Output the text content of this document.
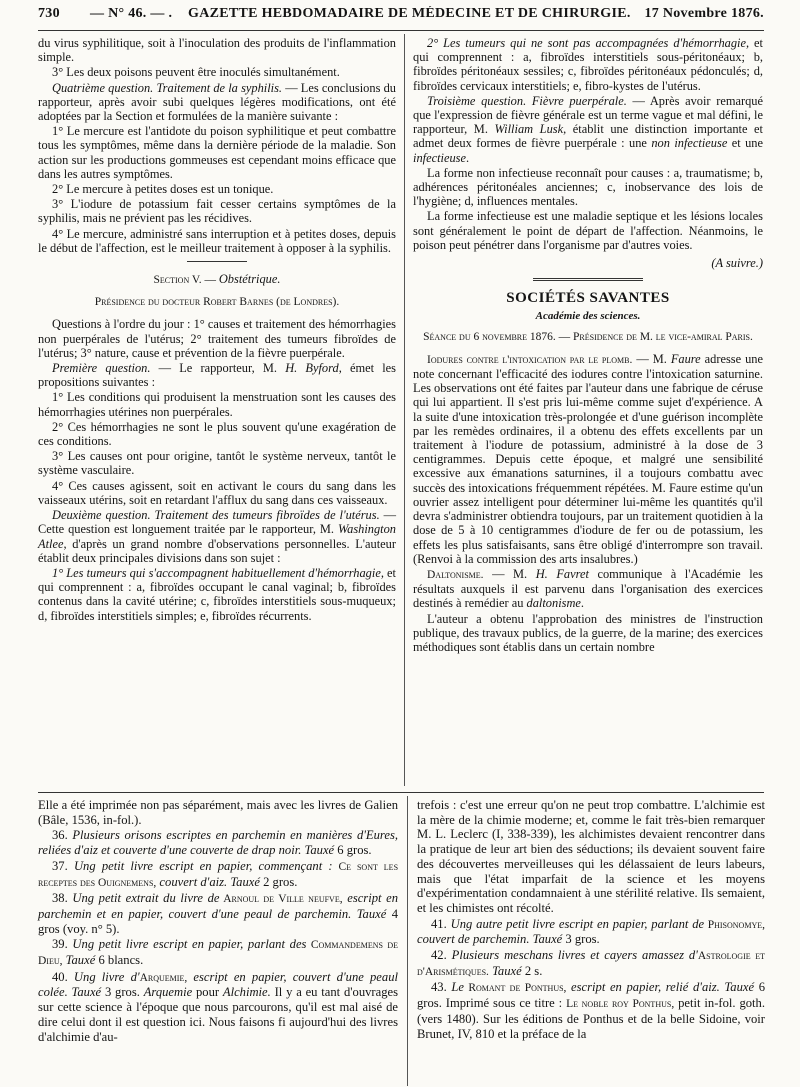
730 — N° 46. — . GAZETTE HEBDOMADAIRE DE MÉDECINE ET DE CHIRURGIE. 17 Novembre 1876.

du virus syphilitique, soit à l'inoculation des produits de l'inflammation simple.

3° Les deux poisons peuvent être inoculés simultanément.

Quatrième question. Traitement de la syphilis. — Les conclusions du rapporteur, après avoir subi quelques légères modifications, ont été adoptées par la Section et formulées de la manière suivante :

1° Le mercure est l'antidote du poison syphilitique et peut combattre tous les symptômes, même dans la dernière période de la maladie. Son action sur les productions gommeuses est cependant moins efficace que dans les autres symptômes.

2° Le mercure à petites doses est un tonique.

3° L'iodure de potassium fait cesser certains symptômes de la syphilis, mais ne prévient pas les récidives.

4° Le mercure, administré sans interruption et à petites doses, depuis le début de l'affection, est le meilleur traitement à opposer à la syphilis.

Section V. — Obstétrique.

Présidence du docteur Robert Barnes (de Londres).

Questions à l'ordre du jour : 1° causes et traitement des hémorrhagies non puerpérales de l'utérus; 2° traitement des tumeurs fibroïdes de l'utérus; 3° nature, cause et prévention de la fièvre puerpérale.

Première question. — Le rapporteur, M. H. Byford, émet les propositions suivantes :

1° Les conditions qui produisent la menstruation sont les causes des hémorrhagies utérines non puerpérales.

2° Ces hémorrhagies ne sont le plus souvent qu'une exagération de ces conditions.

3° Les causes ont pour origine, tantôt le système nerveux, tantôt le système vasculaire.

4° Ces causes agissent, soit en activant le cours du sang dans les vaisseaux utérins, soit en retardant l'afflux du sang dans ces vaisseaux.

Deuxième question. Traitement des tumeurs fibroïdes de l'utérus. — Cette question est longuement traitée par le rapporteur, M. Washington Atlee, d'après un grand nombre d'observations personnelles. L'auteur établit deux principales divisions dans son sujet :

1° Les tumeurs qui s'accompagnent habituellement d'hémorrhagie, et qui comprennent : a, fibroïdes occupant le canal vaginal; b, fibroïdes contenus dans la cavité utérine; c, fibroïdes interstitiels sous-muqueux; d, fibroïdes interstitiels simples; e, fibroïdes récurrents.

2° Les tumeurs qui ne sont pas accompagnées d'hémorrhagie, et qui comprennent : a, fibroïdes interstitiels sous-péritonéaux; b, fibroïdes péritonéaux sessiles; c, fibroïdes péritonéaux pédonculés; d, fibroïdes cervicaux interstitiels; e, fibro-kystes de l'utérus.

Troisième question. Fièvre puerpérale. — Après avoir remarqué que l'expression de fièvre générale est un terme vague et mal défini, le rapporteur, M. William Lusk, établit une distinction importante et admet deux formes de fièvre puerpérale : une non infectieuse et une infectieuse.

La forme non infectieuse reconnaît pour causes : a, traumatisme; b, adhérences péritonéales anciennes; c, inobservance des lois de l'hygiène; d, influences mentales.

La forme infectieuse est une maladie septique et les lésions locales sont généralement le point de départ de l'affection. Néanmoins, le poison peut pénétrer dans l'organisme par d'autres voies.

(A suivre.)

SOCIÉTÉS SAVANTES

Académie des sciences.

Séance du 6 novembre 1876. — Présidence de M. le vice-amiral Paris.

Iodures contre l'intoxication par le plomb. — M. Faure adresse une note concernant l'efficacité des iodures contre l'intoxication saturnine. Les observations ont été faites par l'auteur dans une fabrique de céruse qui lui appartient. Il s'est pris lui-même comme sujet d'expérience. A la suite d'une intoxication très-prolongée et d'une guérison incomplète par les remèdes ordinaires, il a obtenu des effets excellents par un traitement à l'iodure de potassium, administré à la dose de 3 centigrammes. Depuis cette époque, et malgré une sensibilité excessive aux émanations saturnines, il a toujours combattu avec succès des intoxications fréquemment répétées. M. Faure estime qu'un ouvrier assez intelligent pour déterminer lui-même les quantités qu'il devra s'administrer obtiendra toujours, par un traitement quotidien à la dose de 5 à 10 centigrammes d'iodure de fer ou de potassium, les effets les plus satisfaisants, sans être obligé d'interrompre son travail. (Renvoi à la commission des arts insalubres.)

Daltonisme. — M. H. Favret communique à l'Académie les résultats auxquels il est parvenu dans l'organisation des exercices destinés à remédier au daltonisme.

L'auteur a obtenu l'approbation des ministres de l'instruction publique, des travaux publics, de la guerre, de la marine; des exercices méthodiques sont établis dans un certain nombre

Elle a été imprimée non pas séparément, mais avec les livres de Galien (Bâle, 1536, in-fol.).

36. Plusieurs orisons escriptes en parchemin en manières d'Eures, reliées d'aiz et couverte d'une couverte de drap noir. Tauxé 6 gros.

37. Ung petit livre escript en papier, commençant : Ce sont les receptes des Ouignemens, couvert d'aiz. Tauxé 2 gros.

38. Ung petit extrait du livre de Arnoul de Ville neufve, escript en parchemin et en papier, couvert d'une peaul de parchemin. Tauxé 4 gros (voy. n° 5).

39. Ung petit livre escript en papier, parlant des Commandemens de Dieu, Tauxé 6 blancs.

40. Ung livre d'Arquemie, escript en papier, couvert d'une peaul colée. Tauxé 3 gros. Arquemie pour Alchimie. Il y a eu tant d'ouvrages sur cette science à l'époque que nous parcourons, qu'il est mal aisé de dire celui dont il est question ici. Nous faisons fi aujourd'hui des livres d'alchimie d'au-

trefois : c'est une erreur qu'on ne peut trop combattre. L'alchimie est la mère de la chimie moderne; et, comme le fait très-bien remarquer M. L. Leclerc (I, 338-339), les alchimistes devaient rencontrer dans la pratique de leur art bien des séductions; ils devaient souvent faire des découvertes merveilleuses qui les délassaient de leurs labeurs, mais que l'état imparfait de la science et les moyens d'expérimentation condamnaient à une stérilité relative. Ils semaient, et les chimistes ont récolté.

41. Ung autre petit livre escript en papier, parlant de Phisonomye, couvert de parchemin. Tauxé 3 gros.

42. Plusieurs meschans livres et cayers amassez d'Astrologie et d'Arismétiques. Tauxé 2 s.

43. Le Romant de Ponthus, escript en papier, relié d'aiz. Tauxé 6 gros. Imprimé sous ce titre : Le noble roy Ponthus, petit in-fol. goth. (vers 1480). Sur les éditions de Ponthus et de la belle Sidoine, voir Brunet, IV, 810 et la préface de la
